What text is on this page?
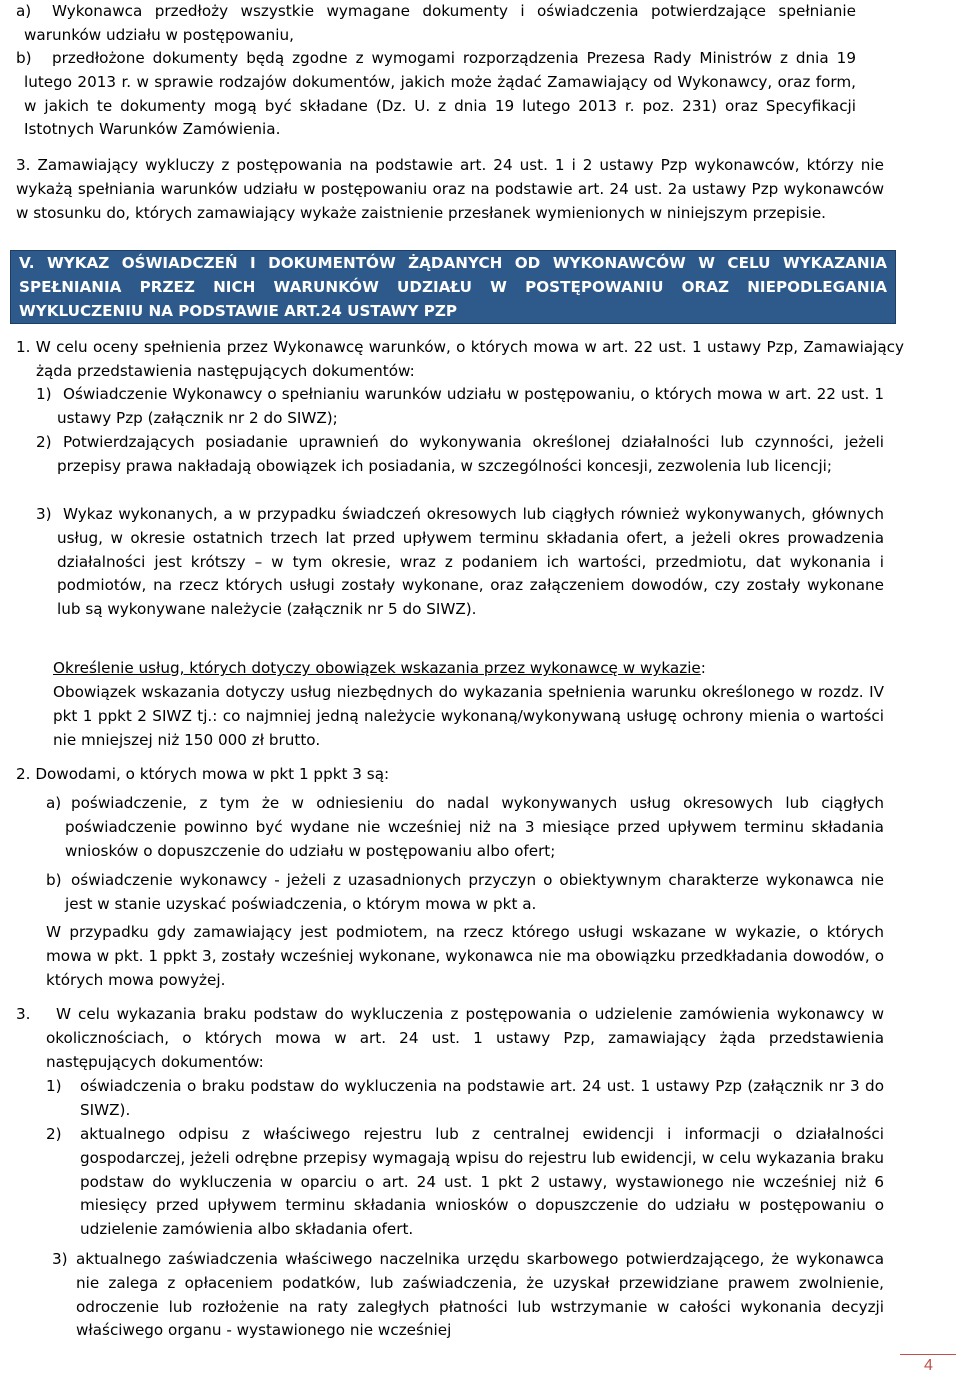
a)	Wykonawca przedłoży wszystkie wymagane dokumenty i oświadczenia potwierdzające spełnianie warunków udziału w postępowaniu,
b)	przedłożone dokumenty będą zgodne z wymogami rozporządzenia Prezesa Rady Ministrów z dnia 19 lutego 2013 r. w sprawie rodzajów dokumentów, jakich może żądać Zamawiający od Wykonawcy, oraz form, w jakich te dokumenty mogą być składane (Dz. U. z dnia 19 lutego 2013 r. poz. 231) oraz Specyfikacji Istotnych Warunków Zamówienia.
3. Zamawiający wykluczy z postępowania na podstawie art. 24 ust. 1 i 2 ustawy Pzp wykonawców, którzy nie wykażą spełniania warunków udziału w postępowaniu oraz na podstawie art. 24 ust. 2a ustawy Pzp wykonawców w stosunku do, których zamawiający wykaże zaistnienie przesłanek wymienionych w niniejszym przepisie.
V. WYKAZ OŚWIADCZEŃ I DOKUMENTÓW ŻĄDANYCH OD WYKONAWCÓW W CELU WYKAZANIA SPEŁNIANIA PRZEZ NICH WARUNKÓW UDZIAŁU W POSTĘPOWANIU ORAZ NIEPODLEGANIA WYKLUCZENIU NA PODSTAWIE ART.24 USTAWY PZP
1. W celu oceny spełnienia przez Wykonawcę warunków, o których mowa w art. 22 ust. 1 ustawy Pzp, Zamawiający żąda przedstawienia następujących dokumentów:
1) Oświadczenie Wykonawcy o spełnianiu warunków udziału w postępowaniu, o których mowa w art. 22 ust. 1 ustawy Pzp (załącznik nr 2 do SIWZ);
2) Potwierdzających posiadanie uprawnień do wykonywania określonej działalności lub czynności, jeżeli przepisy prawa nakładają obowiązek ich posiadania, w szczególności koncesji, zezwolenia lub licencji;
3) Wykaz wykonanych, a w przypadku świadczeń okresowych lub ciągłych również wykonywanych, głównych usług, w okresie ostatnich trzech lat przed upływem terminu składania ofert, a jeżeli okres prowadzenia działalności jest krótszy – w tym okresie, wraz z podaniem ich wartości, przedmiotu, dat wykonania i podmiotów, na rzecz których usługi zostały wykonane, oraz załączeniem dowodów, czy zostały wykonane lub są wykonywane należycie (załącznik nr 5 do SIWZ).
Określenie usług, których dotyczy obowiązek wskazania przez wykonawcę w wykazie:
Obowiązek wskazania dotyczy usług niezbędnych do wykazania spełnienia warunku określonego w rozdz. IV pkt 1 ppkt 2 SIWZ tj.: co najmniej jedną należycie wykonaną/wykonywaną usługę ochrony mienia o wartości nie mniejszej niż 150 000 zł brutto.
2. Dowodami, o których mowa w pkt 1 ppkt 3 są:
a) poświadczenie, z tym że w odniesieniu do nadal wykonywanych usług okresowych lub ciągłych poświadczenie powinno być wydane nie wcześniej niż na 3 miesiące przed upływem terminu składania wniosków o dopuszczenie do udziału w postępowaniu albo ofert;
b) oświadczenie wykonawcy - jeżeli z uzasadnionych przyczyn o obiektywnym charakterze wykonawca nie jest w stanie uzyskać poświadczenia, o którym mowa w pkt a.
W przypadku gdy zamawiający jest podmiotem, na rzecz którego usługi wskazane w wykazie, o których mowa w pkt. 1 ppkt 3, zostały wcześniej wykonane, wykonawca nie ma obowiązku przedkładania dowodów, o których mowa powyżej.
3.	W celu wykazania braku podstaw do wykluczenia z postępowania o udzielenie zamówienia wykonawcy w okolicznościach, o których mowa w art. 24 ust. 1 ustawy Pzp, zamawiający żąda przedstawienia następujących dokumentów:
1) oświadczenia o braku podstaw do wykluczenia na podstawie art. 24 ust. 1 ustawy Pzp (załącznik nr 3 do SIWZ).
2) aktualnego odpisu z właściwego rejestru lub z centralnej ewidencji i informacji o działalności gospodarczej, jeżeli odrębne przepisy wymagają wpisu do rejestru lub ewidencji, w celu wykazania braku podstaw do wykluczenia w oparciu o art. 24 ust. 1 pkt 2 ustawy, wystawionego nie wcześniej niż 6 miesięcy przed upływem terminu składania wniosków o dopuszczenie do udziału w postępowaniu o udzielenie zamówienia albo składania ofert.
3) aktualnego zaświadczenia właściwego naczelnika urzędu skarbowego potwierdzającego, że wykonawca nie zalega z opłaceniem podatków, lub zaświadczenia, że uzyskał przewidziane prawem zwolnienie, odroczenie lub rozłożenie na raty zaległych płatności lub wstrzymanie w całości wykonania decyzji właściwego organu - wystawionego nie wcześniej
4
